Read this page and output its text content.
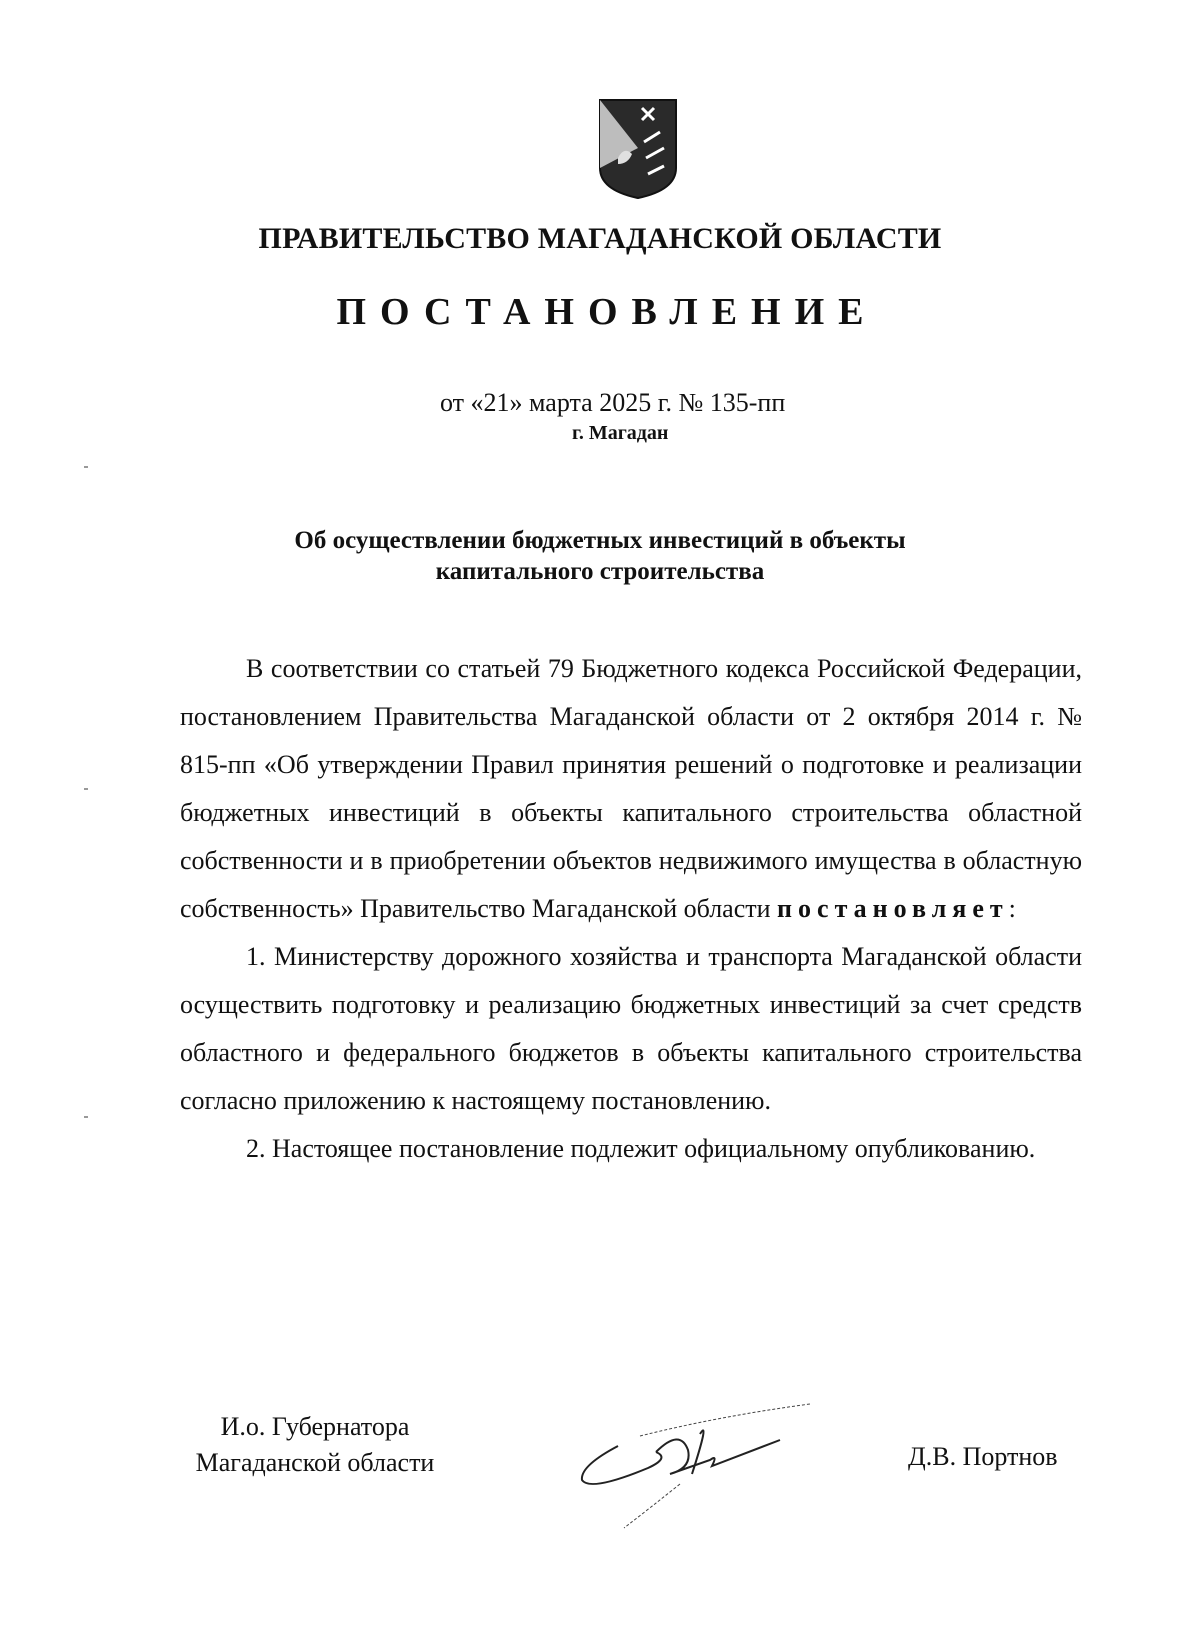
ПРАВИТЕЛЬСТВО МАГАДАНСКОЙ ОБЛАСТИ
ПОСТАНОВЛЕНИЕ
от «21» марта 2025 г. № 135-пп
г. Магадан
Об осуществлении бюджетных инвестиций в объекты
капитального строительства

В соответствии со статьей 79 Бюджетного кодекса Российской Федерации, постановлением Правительства Магаданской области от 2 октября 2014 г. № 815-пп «Об утверждении Правил принятия решений о подготовке и реализации бюджетных инвестиций в объекты капитального строительства областной собственности и в приобретении объектов недвижимого имущества в областную собственность» Правительство Магаданской области постановляет:

1. Министерству дорожного хозяйства и транспорта Магаданской области осуществить подготовку и реализацию бюджетных инвестиций за счет средств областного и федерального бюджетов в объекты капитального строительства согласно приложению к настоящему постановлению.

2. Настоящее постановление подлежит официальному опубликованию.

И.о. Губернатора
Магаданской области	Д.В. Портнов
